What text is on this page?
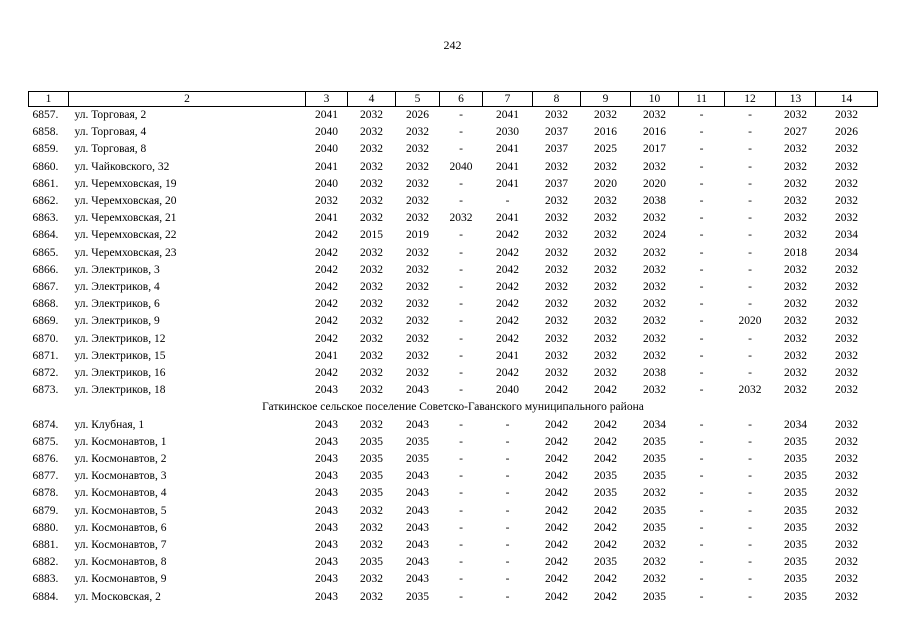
242
1	2	3	4	5	6	7	8	9	10	11	12	13	14
6857.	ул. Торговая, 2	2041	2032	2026	-	2041	2032	2032	2032	-	-	2032	2032
6858.	ул. Торговая, 4	2040	2032	2032	-	2030	2037	2016	2016	-	-	2027	2026
6859.	ул. Торговая, 8	2040	2032	2032	-	2041	2037	2025	2017	-	-	2032	2032
6860.	ул. Чайковского, 32	2041	2032	2032	2040	2041	2032	2032	2032	-	-	2032	2032
6861.	ул. Черемховская, 19	2040	2032	2032	-	2041	2037	2020	2020	-	-	2032	2032
6862.	ул. Черемховская, 20	2032	2032	2032	-	-	2032	2032	2038	-	-	2032	2032
6863.	ул. Черемховская, 21	2041	2032	2032	2032	2041	2032	2032	2032	-	-	2032	2032
6864.	ул. Черемховская, 22	2042	2015	2019	-	2042	2032	2032	2024	-	-	2032	2034
6865.	ул. Черемховская, 23	2042	2032	2032	-	2042	2032	2032	2032	-	-	2018	2034
6866.	ул. Электриков, 3	2042	2032	2032	-	2042	2032	2032	2032	-	-	2032	2032
6867.	ул. Электриков, 4	2042	2032	2032	-	2042	2032	2032	2032	-	-	2032	2032
6868.	ул. Электриков, 6	2042	2032	2032	-	2042	2032	2032	2032	-	-	2032	2032
6869.	ул. Электриков, 9	2042	2032	2032	-	2042	2032	2032	2032	-	2020	2032	2032
6870.	ул. Электриков, 12	2042	2032	2032	-	2042	2032	2032	2032	-	-	2032	2032
6871.	ул. Электриков, 15	2041	2032	2032	-	2041	2032	2032	2032	-	-	2032	2032
6872.	ул. Электриков, 16	2042	2032	2032	-	2042	2032	2032	2038	-	-	2032	2032
6873.	ул. Электриков, 18	2043	2032	2043	-	2040	2042	2042	2032	-	2032	2032	2032
Гаткинское сельское поселение Советско-Гаванского муниципального района													
6874.	ул. Клубная, 1	2043	2032	2043	-	-	2042	2042	2034	-	-	2034	2032
6875.	ул. Космонавтов, 1	2043	2035	2035	-	-	2042	2042	2035	-	-	2035	2032
6876.	ул. Космонавтов, 2	2043	2035	2035	-	-	2042	2042	2035	-	-	2035	2032
6877.	ул. Космонавтов, 3	2043	2035	2043	-	-	2042	2035	2035	-	-	2035	2032
6878.	ул. Космонавтов, 4	2043	2035	2043	-	-	2042	2035	2032	-	-	2035	2032
6879.	ул. Космонавтов, 5	2043	2032	2043	-	-	2042	2042	2035	-	-	2035	2032
6880.	ул. Космонавтов, 6	2043	2032	2043	-	-	2042	2042	2035	-	-	2035	2032
6881.	ул. Космонавтов, 7	2043	2032	2043	-	-	2042	2042	2032	-	-	2035	2032
6882.	ул. Космонавтов, 8	2043	2035	2043	-	-	2042	2035	2032	-	-	2035	2032
6883.	ул. Космонавтов, 9	2043	2032	2043	-	-	2042	2042	2032	-	-	2035	2032
6884.	ул. Московская, 2	2043	2032	2035	-	-	2042	2042	2035	-	-	2035	2032
